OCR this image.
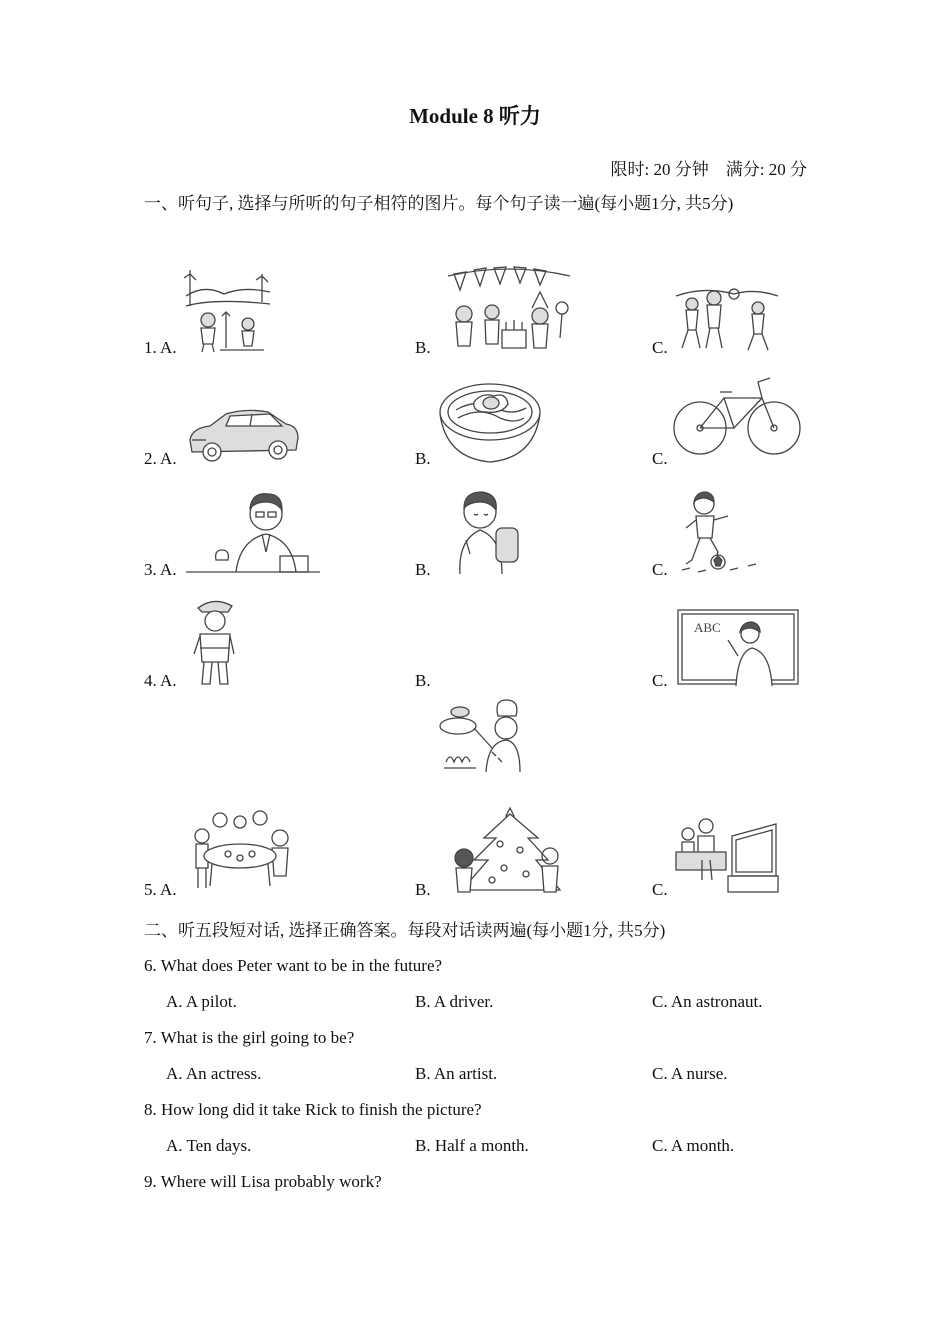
Module 8 听力
限时: 20 分钟 满分: 20 分
一、听句子, 选择与所听的句子相符的图片。每个句子读一遍(每小题1分, 共5分)
1. A.	B.	C.
2. A.	B.	C.
3. A.	B.	C.
4. A.	B.	C.
5. A.	B.	C.
ABC
二、听五段短对话, 选择正确答案。每段对话读两遍(每小题1分, 共5分)
6. What does Peter want to be in the future?
A. A pilot.	B. A driver.	C. An astronaut.
7. What is the girl going to be?
A. An actress.	B. An artist.	C. A nurse.
8. How long did it take Rick to finish the picture?
A. Ten days.	B. Half a month.	C. A month.
9. Where will Lisa probably work?
